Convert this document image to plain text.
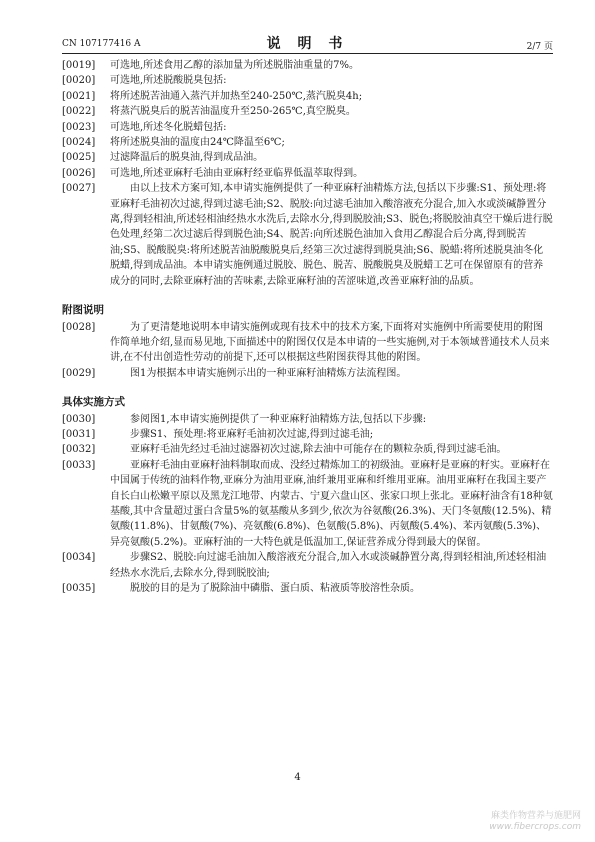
CN 107177416 A	说 明 书	2/7 页
[0019] 可选地,所述食用乙醇的添加量为所述脱脂油重量的7%。
[0020] 可选地,所述脱酸脱臭包括:
[0021] 将所述脱苦油通入蒸汽并加热至240-250℃,蒸汽脱臭4h;
[0022] 将蒸汽脱臭后的脱苦油温度升至250-265℃,真空脱臭。
[0023] 可选地,所述冬化脱蜡包括:
[0024] 将所述脱臭油的温度由24℃降温至6℃;
[0025] 过滤降温后的脱臭油,得到成品油。
[0026] 可选地,所述亚麻籽毛油由亚麻籽经亚临界低温萃取得到。
[0027]	由以上技术方案可知,本申请实施例提供了一种亚麻籽油精炼方法,包括以下步骤:S1、预处理:将亚麻籽毛油初次过滤,得到过滤毛油;S2、脱胶:向过滤毛油加入酸溶液充分混合,加入水或淡碱静置分离,得到轻相油,所述轻相油经热水水洗后,去除水分,得到脱胶油;S3、脱色;将脱胶油真空干燥后进行脱色处理,经第二次过滤后得到脱色油;S4、脱苦:向所述脱色油加入食用乙醇混合后分离,得到脱苦油;S5、脱酸脱臭:将所述脱苦油脱酸脱臭后,经第三次过滤得到脱臭油;S6、脱蜡:将所述脱臭油冬化脱蜡,得到成品油。本申请实施例通过脱胶、脱色、脱苦、脱酸脱臭及脱蜡工艺可在保留原有的营养成分的同时,去除亚麻籽油的苦味素,去除亚麻籽油的苦涩味道,改善亚麻籽油的品质。
附图说明
[0028]	为了更清楚地说明本申请实施例或现有技术中的技术方案,下面将对实施例中所需要使用的附图作简单地介绍,显而易见地,下面描述中的附图仅仅是本申请的一些实施例,对于本领域普通技术人员来讲,在不付出创造性劳动的前提下,还可以根据这些附图获得其他的附图。
[0029]	图1为根据本申请实施例示出的一种亚麻籽油精炼方法流程图。
具体实施方式
[0030]	参阅图1,本申请实施例提供了一种亚麻籽油精炼方法,包括以下步骤:
[0031]	步骤S1、预处理:将亚麻籽毛油初次过滤,得到过滤毛油;
[0032]	亚麻籽毛油先经过毛油过滤器初次过滤,除去油中可能存在的颗粒杂质,得到过滤毛油。
[0033]	亚麻籽毛油由亚麻籽油料制取而成、没经过精炼加工的初级油。亚麻籽是亚麻的籽实。亚麻籽在中国属于传统的油料作物,亚麻分为油用亚麻,油纤兼用亚麻和纤维用亚麻。油用亚麻籽在我国主要产自长白山松嫩平原以及黑龙江地带、内蒙古、宁夏六盘山区、张家口坝上张北。亚麻籽油含有18种氨基酸,其中含量超过蛋白含量5%的氨基酸从多到少,依次为谷氨酸(26.3%)、天门冬氨酸(12.5%)、精氨酸(11.8%)、甘氨酸(7%)、亮氨酸(6.8%)、色氨酸(5.8%)、丙氨酸(5.4%)、苯丙氨酸(5.3%)、异亮氨酸(5.2%)。亚麻籽油的一大特色就是低温加工,保证营养成分得到最大的保留。
[0034]	步骤S2、脱胶:向过滤毛油加入酸溶液充分混合,加入水或淡碱静置分离,得到轻相油,所述轻相油经热水水洗后,去除水分,得到脱胶油;
[0035]	脱胶的目的是为了脱除油中磷脂、蛋白质、粘液质等胶溶性杂质。
4
麻类作物营养与施肥网
www.fibercrops.com
